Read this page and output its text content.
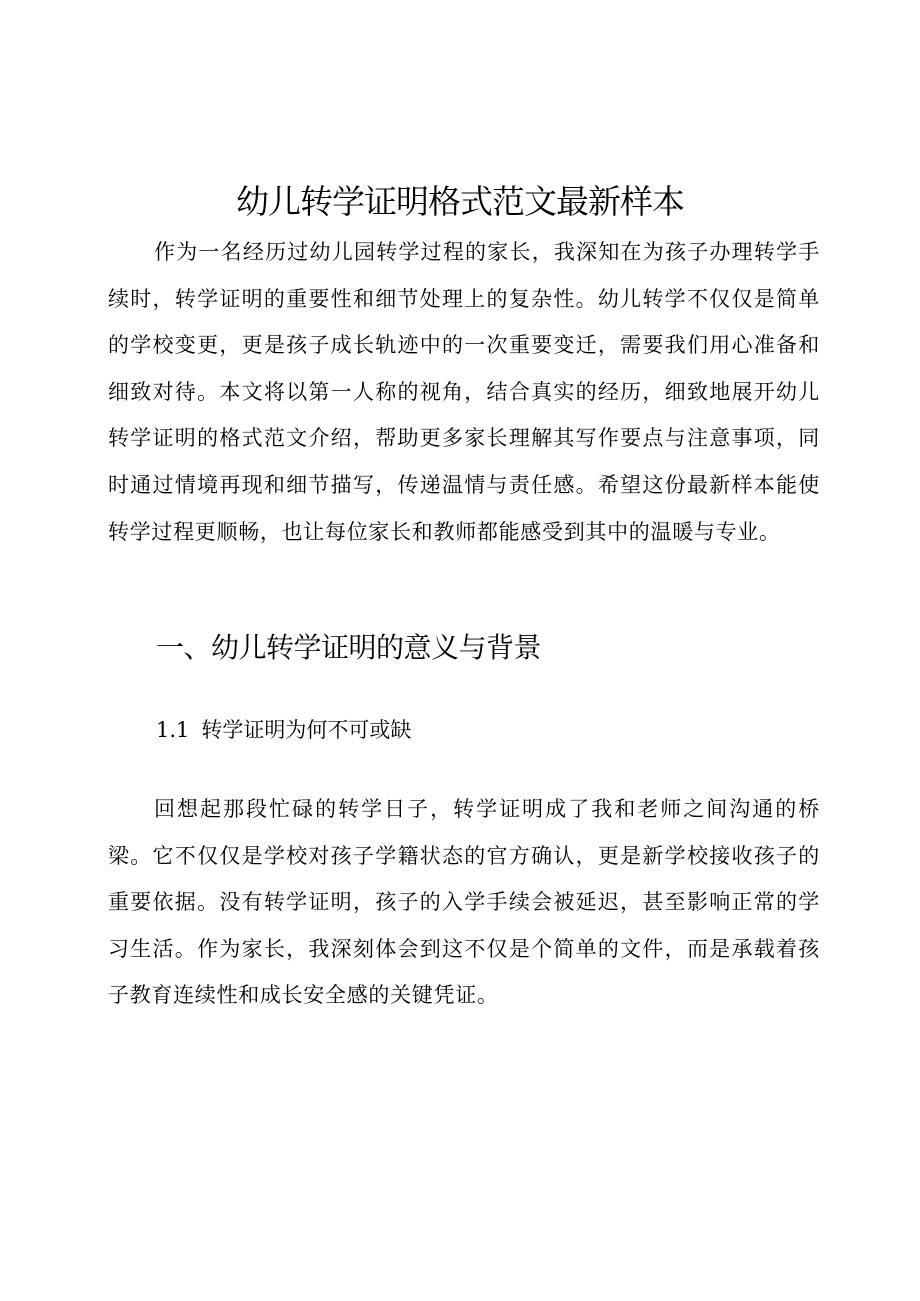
幼儿转学证明格式范文最新样本

作为一名经历过幼儿园转学过程的家长，我深知在为孩子办理转学手续时，转学证明的重要性和细节处理上的复杂性。幼儿转学不仅仅是简单的学校变更，更是孩子成长轨迹中的一次重要变迁，需要我们用心准备和细致对待。本文将以第一人称的视角，结合真实的经历，细致地展开幼儿转学证明的格式范文介绍，帮助更多家长理解其写作要点与注意事项，同时通过情境再现和细节描写，传递温情与责任感。希望这份最新样本能使转学过程更顺畅，也让每位家长和教师都能感受到其中的温暖与专业。

一、幼儿转学证明的意义与背景
1.1 转学证明为何不可或缺

回想起那段忙碌的转学日子，转学证明成了我和老师之间沟通的桥梁。它不仅仅是学校对孩子学籍状态的官方确认，更是新学校接收孩子的重要依据。没有转学证明，孩子的入学手续会被延迟，甚至影响正常的学习生活。作为家长，我深刻体会到这不仅是个简单的文件，而是承载着孩子教育连续性和成长安全感的关键凭证。
